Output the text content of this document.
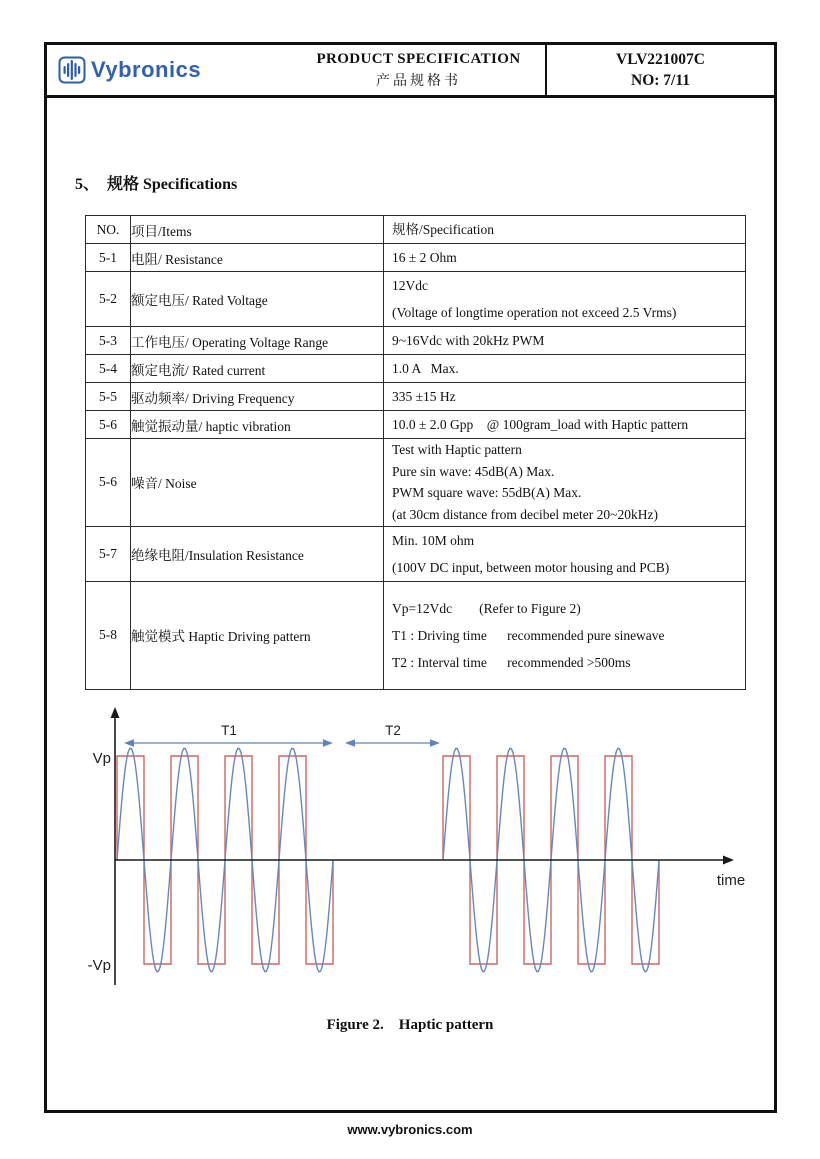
Vybronics	PRODUCT SPECIFICATION
产品规格书
VLV221007C
NO: 7/11
5、  规格 Specifications
NO.	项目/Items	规格/Specification

5-1	电阻/ Resistance	16 ± 2 Ohm

5-2	额定电压/ Rated Voltage	12Vdc
(Voltage of longtime operation not exceed 2.5 Vrms)

5-3	工作电压/ Operating Voltage Range	9~16Vdc with 20kHz PWM

5-4	额定电流/ Rated current	1.0 A   Max.

5-5	驱动频率/ Driving Frequency	335 ±15 Hz

5-6	触觉振动量/ haptic vibration	10.0 ± 2.0 Gpp    @ 100gram_load with Haptic pattern

5-6	噪音/ Noise	Test with Haptic pattern
Pure sin wave: 45dB(A) Max.
PWM square wave: 55dB(A) Max.
(at 30cm distance from decibel meter 20~20kHz)

5-7	绝缘电阻/Insulation Resistance	Min. 10M ohm
(100V DC input, between motor housing and PCB)

5-8	触觉模式 Haptic Driving pattern	Vp=12Vdc        (Refer to Figure 2)
T1 : Driving time      recommended pure sinewave
T2 : Interval time      recommended >500ms
Vp
-Vp
time
T1	T2
Figure 2.    Haptic pattern
www.vybronics.com
